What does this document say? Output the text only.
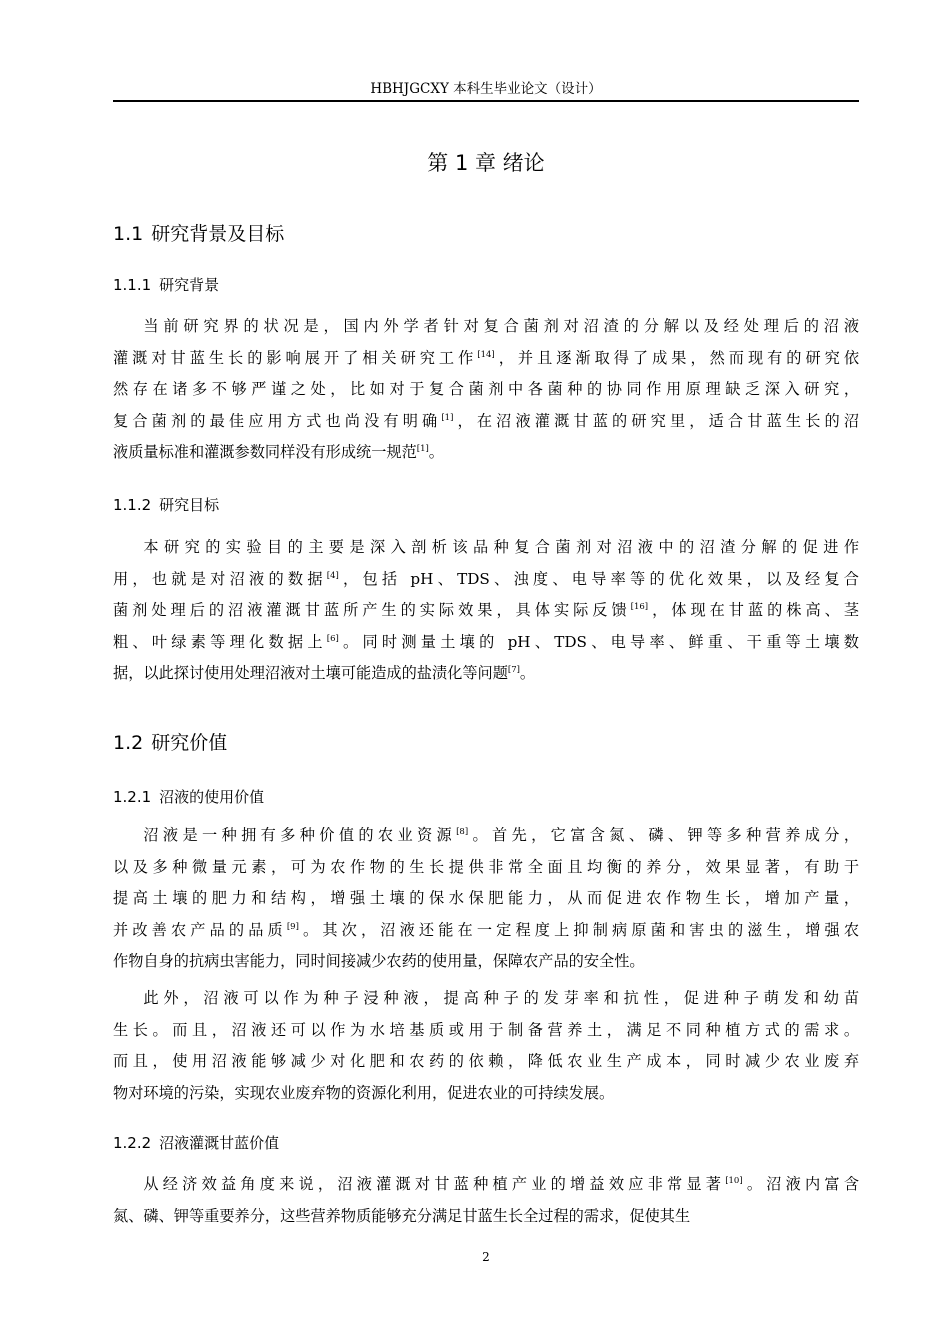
HBHJGCXY 本科生毕业论文（设计）
第 1 章 绪论
1.1 研究背景及目标
1.1.1 研究背景
当前研究界的状况是，国内外学者针对复合菌剂对沼渣的分解以及经处理后的沼液
灌溉对甘蓝生长的影响展开了相关研究工作[14]，并且逐渐取得了成果，然而现有的研究依
然存在诸多不够严谨之处，比如对于复合菌剂中各菌种的协同作用原理缺乏深入研究，
复合菌剂的最佳应用方式也尚没有明确[1]，在沼液灌溉甘蓝的研究里，适合甘蓝生长的沼
液质量标准和灌溉参数同样没有形成统一规范[1]。
1.1.2 研究目标
本研究的实验目的主要是深入剖析该品种复合菌剂对沼液中的沼渣分解的促进作
用，也就是对沼液的数据[4]，包括 pH、TDS、浊度、电导率等的优化效果，以及经复合
菌剂处理后的沼液灌溉甘蓝所产生的实际效果，具体实际反馈[16]，体现在甘蓝的株高、茎
粗、叶绿素等理化数据上[6]。同时测量土壤的 pH、TDS、电导率、鲜重、干重等土壤数
据，以此探讨使用处理沼液对土壤可能造成的盐渍化等问题[7]。
1.2 研究价值
1.2.1 沼液的使用价值
沼液是一种拥有多种价值的农业资源[8]。首先，它富含氮、磷、钾等多种营养成分，
以及多种微量元素，可为农作物的生长提供非常全面且均衡的养分，效果显著，有助于
提高土壤的肥力和结构，增强土壤的保水保肥能力，从而促进农作物生长，增加产量，
并改善农产品的品质[9]。其次，沼液还能在一定程度上抑制病原菌和害虫的滋生，增强农
作物自身的抗病虫害能力，同时间接减少农药的使用量，保障农产品的安全性。
此外，沼液可以作为种子浸种液，提高种子的发芽率和抗性，促进种子萌发和幼苗
生长。而且，沼液还可以作为水培基质或用于制备营养土，满足不同种植方式的需求。
而且，使用沼液能够减少对化肥和农药的依赖，降低农业生产成本，同时减少农业废弃
物对环境的污染，实现农业废弃物的资源化利用，促进农业的可持续发展。
1.2.2 沼液灌溉甘蓝价值
从经济效益角度来说，沼液灌溉对甘蓝种植产业的增益效应非常显著[10]。沼液内富含
氮、磷、钾等重要养分，这些营养物质能够充分满足甘蓝生长全过程的需求，促使其生
2
